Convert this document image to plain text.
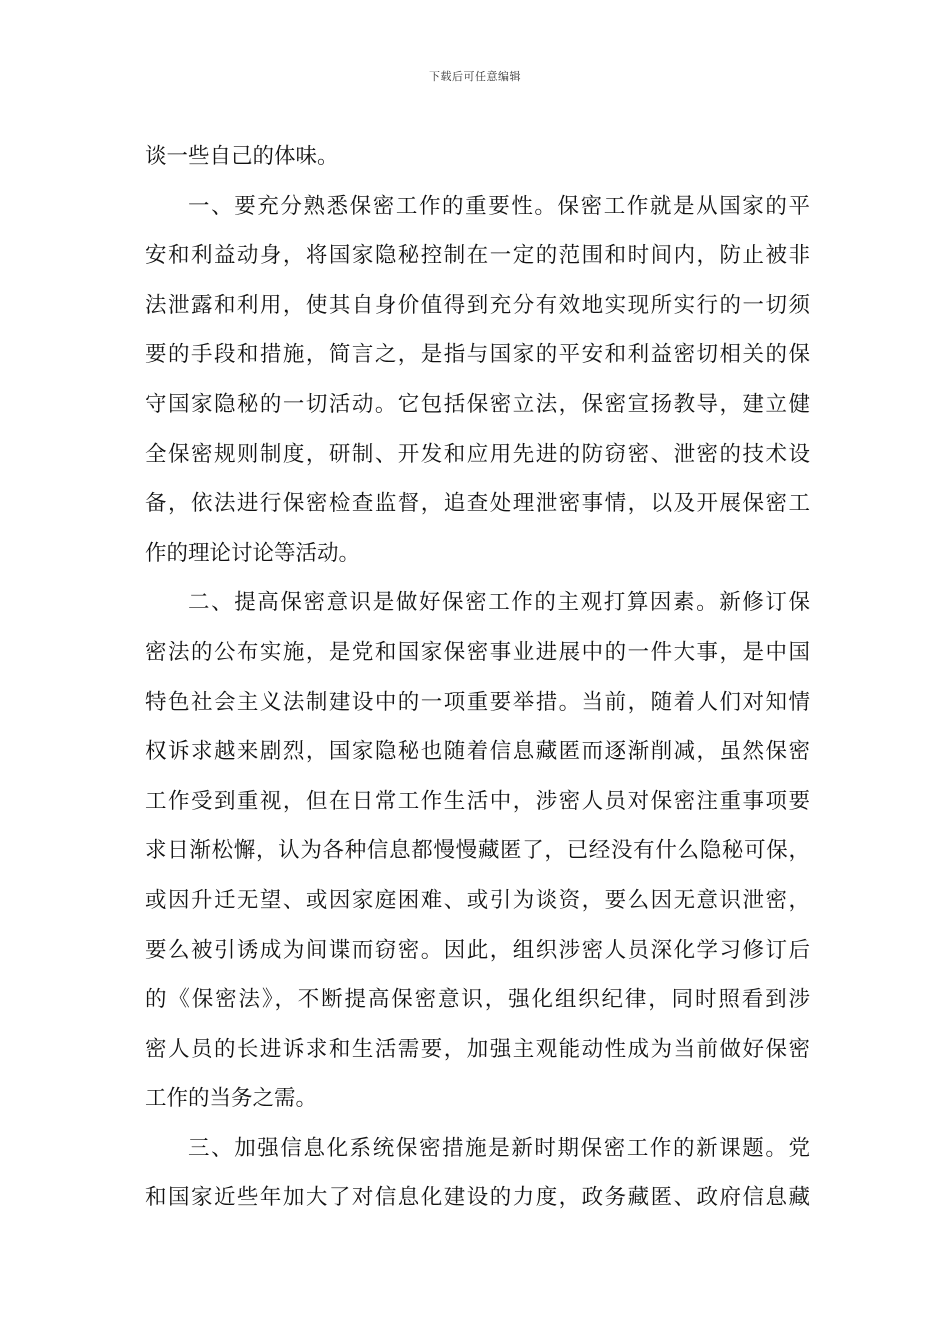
下载后可任意编辑
谈一些自己的体味。
一、要充分熟悉保密工作的重要性。保密工作就是从国家的平
安和利益动身，将国家隐秘控制在一定的范围和时间内，防止被非
法泄露和利用，使其自身价值得到充分有效地实现所实行的一切须
要的手段和措施，简言之，是指与国家的平安和利益密切相关的保
守国家隐秘的一切活动。它包括保密立法，保密宣扬教导，建立健
全保密规则制度，研制、开发和应用先进的防窃密、泄密的技术设
备，依法进行保密检查监督，追查处理泄密事情，以及开展保密工
作的理论讨论等活动。
二、提高保密意识是做好保密工作的主观打算因素。新修订保
密法的公布实施，是党和国家保密事业进展中的一件大事，是中国
特色社会主义法制建设中的一项重要举措。当前，随着人们对知情
权诉求越来剧烈，国家隐秘也随着信息藏匿而逐渐削减，虽然保密
工作受到重视，但在日常工作生活中，涉密人员对保密注重事项要
求日渐松懈，认为各种信息都慢慢藏匿了，已经没有什么隐秘可保，
或因升迁无望、或因家庭困难、或引为谈资，要么因无意识泄密，
要么被引诱成为间谍而窃密。因此，组织涉密人员深化学习修订后
的《保密法》，不断提高保密意识，强化组织纪律，同时照看到涉
密人员的长进诉求和生活需要，加强主观能动性成为当前做好保密
工作的当务之需。
三、加强信息化系统保密措施是新时期保密工作的新课题。党
和国家近些年加大了对信息化建设的力度，政务藏匿、政府信息藏
